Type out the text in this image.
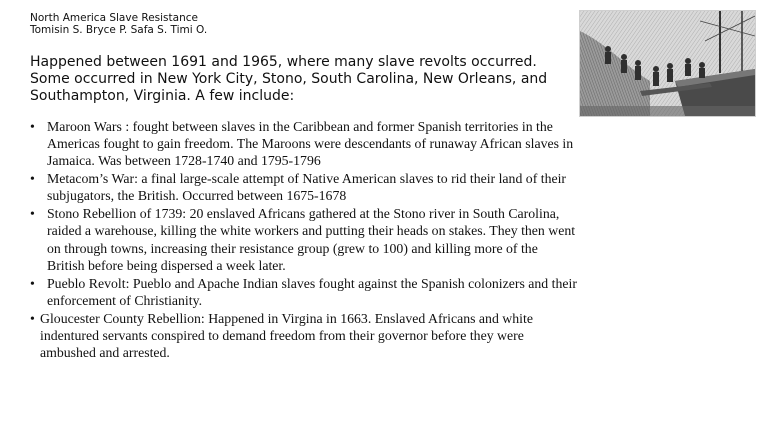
North America Slave Resistance
Tomisin S. Bryce P. Safa S. Timi O.

Happened between 1691 and 1965, where many slave revolts occurred.

Some occurred in New York City, Stono, South Carolina, New Orleans, and Southampton, Virginia. A few include:

• Maroon Wars : fought between slaves in the Caribbean and former Spanish territories in the Americas fought to gain freedom. The Maroons were descendants of runaway African slaves in Jamaica. Was between 1728-1740 and 1795-1796
• Metacom’s War: a final large-scale attempt of Native American slaves to rid their land of their subjugators, the British. Occurred between 1675-1678
• Stono Rebellion of 1739: 20 enslaved Africans gathered at the Stono river in South Carolina, raided a warehouse, killing the white workers and putting their heads on stakes. They then went on through towns, increasing their resistance group (grew to 100) and killing more of the British before being dispersed a week later.
• Pueblo Revolt: Pueblo and Apache Indian slaves fought against the Spanish colonizers and their enforcement of Christianity.
• Gloucester County Rebellion: Happened in Virgina in 1663. Enslaved Africans and white indentured servants conspired to demand freedom from their governor before they were ambushed and arrested.
